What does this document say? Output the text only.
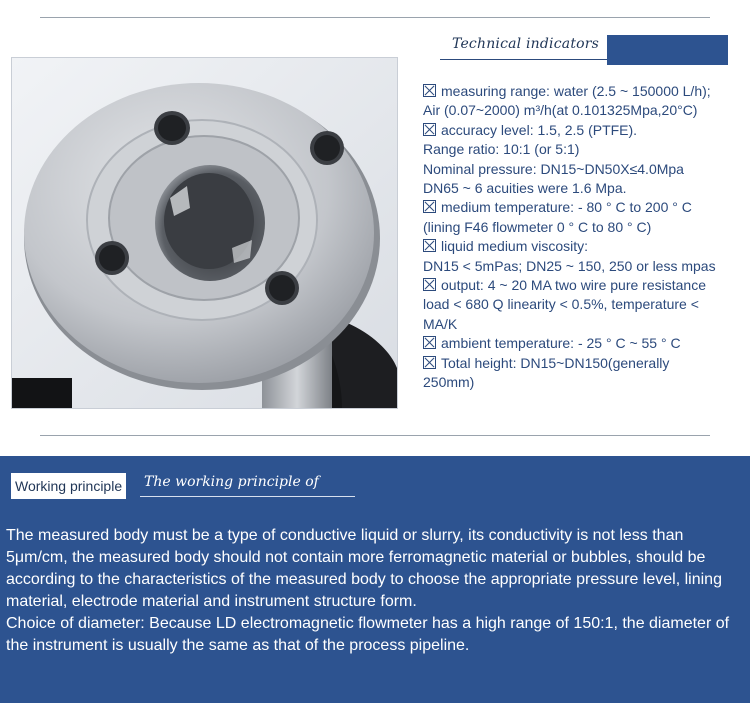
Technical indicators
measuring range: water (2.5 ~ 150000 L/h);
Air (0.07~2000) m³/h(at 0.101325Mpa,20°C)
accuracy level: 1.5, 2.5 (PTFE).
Range ratio: 10:1 (or 5:1)
Nominal pressure: DN15~DN50X≤4.0Mpa
DN65 ~ 6 acuities were 1.6 Mpa.
medium temperature: - 80 ° C to 200 ° C
(lining F46 flowmeter 0 ° C to 80 ° C)
liquid medium viscosity:
DN15 < 5mPas; DN25 ~ 150, 250 or less mpas
output: 4 ~ 20 MA two wire pure resistance
load < 680 Q linearity < 0.5%, temperature <
MA/K
ambient temperature: - 25 ° C ~ 55 ° C
Total height: DN15~DN150(generally
250mm)
Working principle The working principle of

The measured body must be a type of conductive liquid or slurry, its conductivity is not less than 5μm/cm, the measured body should not contain more ferromagnetic material or bubbles, should be according to the characteristics of the measured body to choose the appropriate pressure level, lining material, electrode material and instrument structure form.

Choice of diameter: Because LD electromagnetic flowmeter has a high range of 150:1, the diameter of the instrument is usually the same as that of the process pipeline.
